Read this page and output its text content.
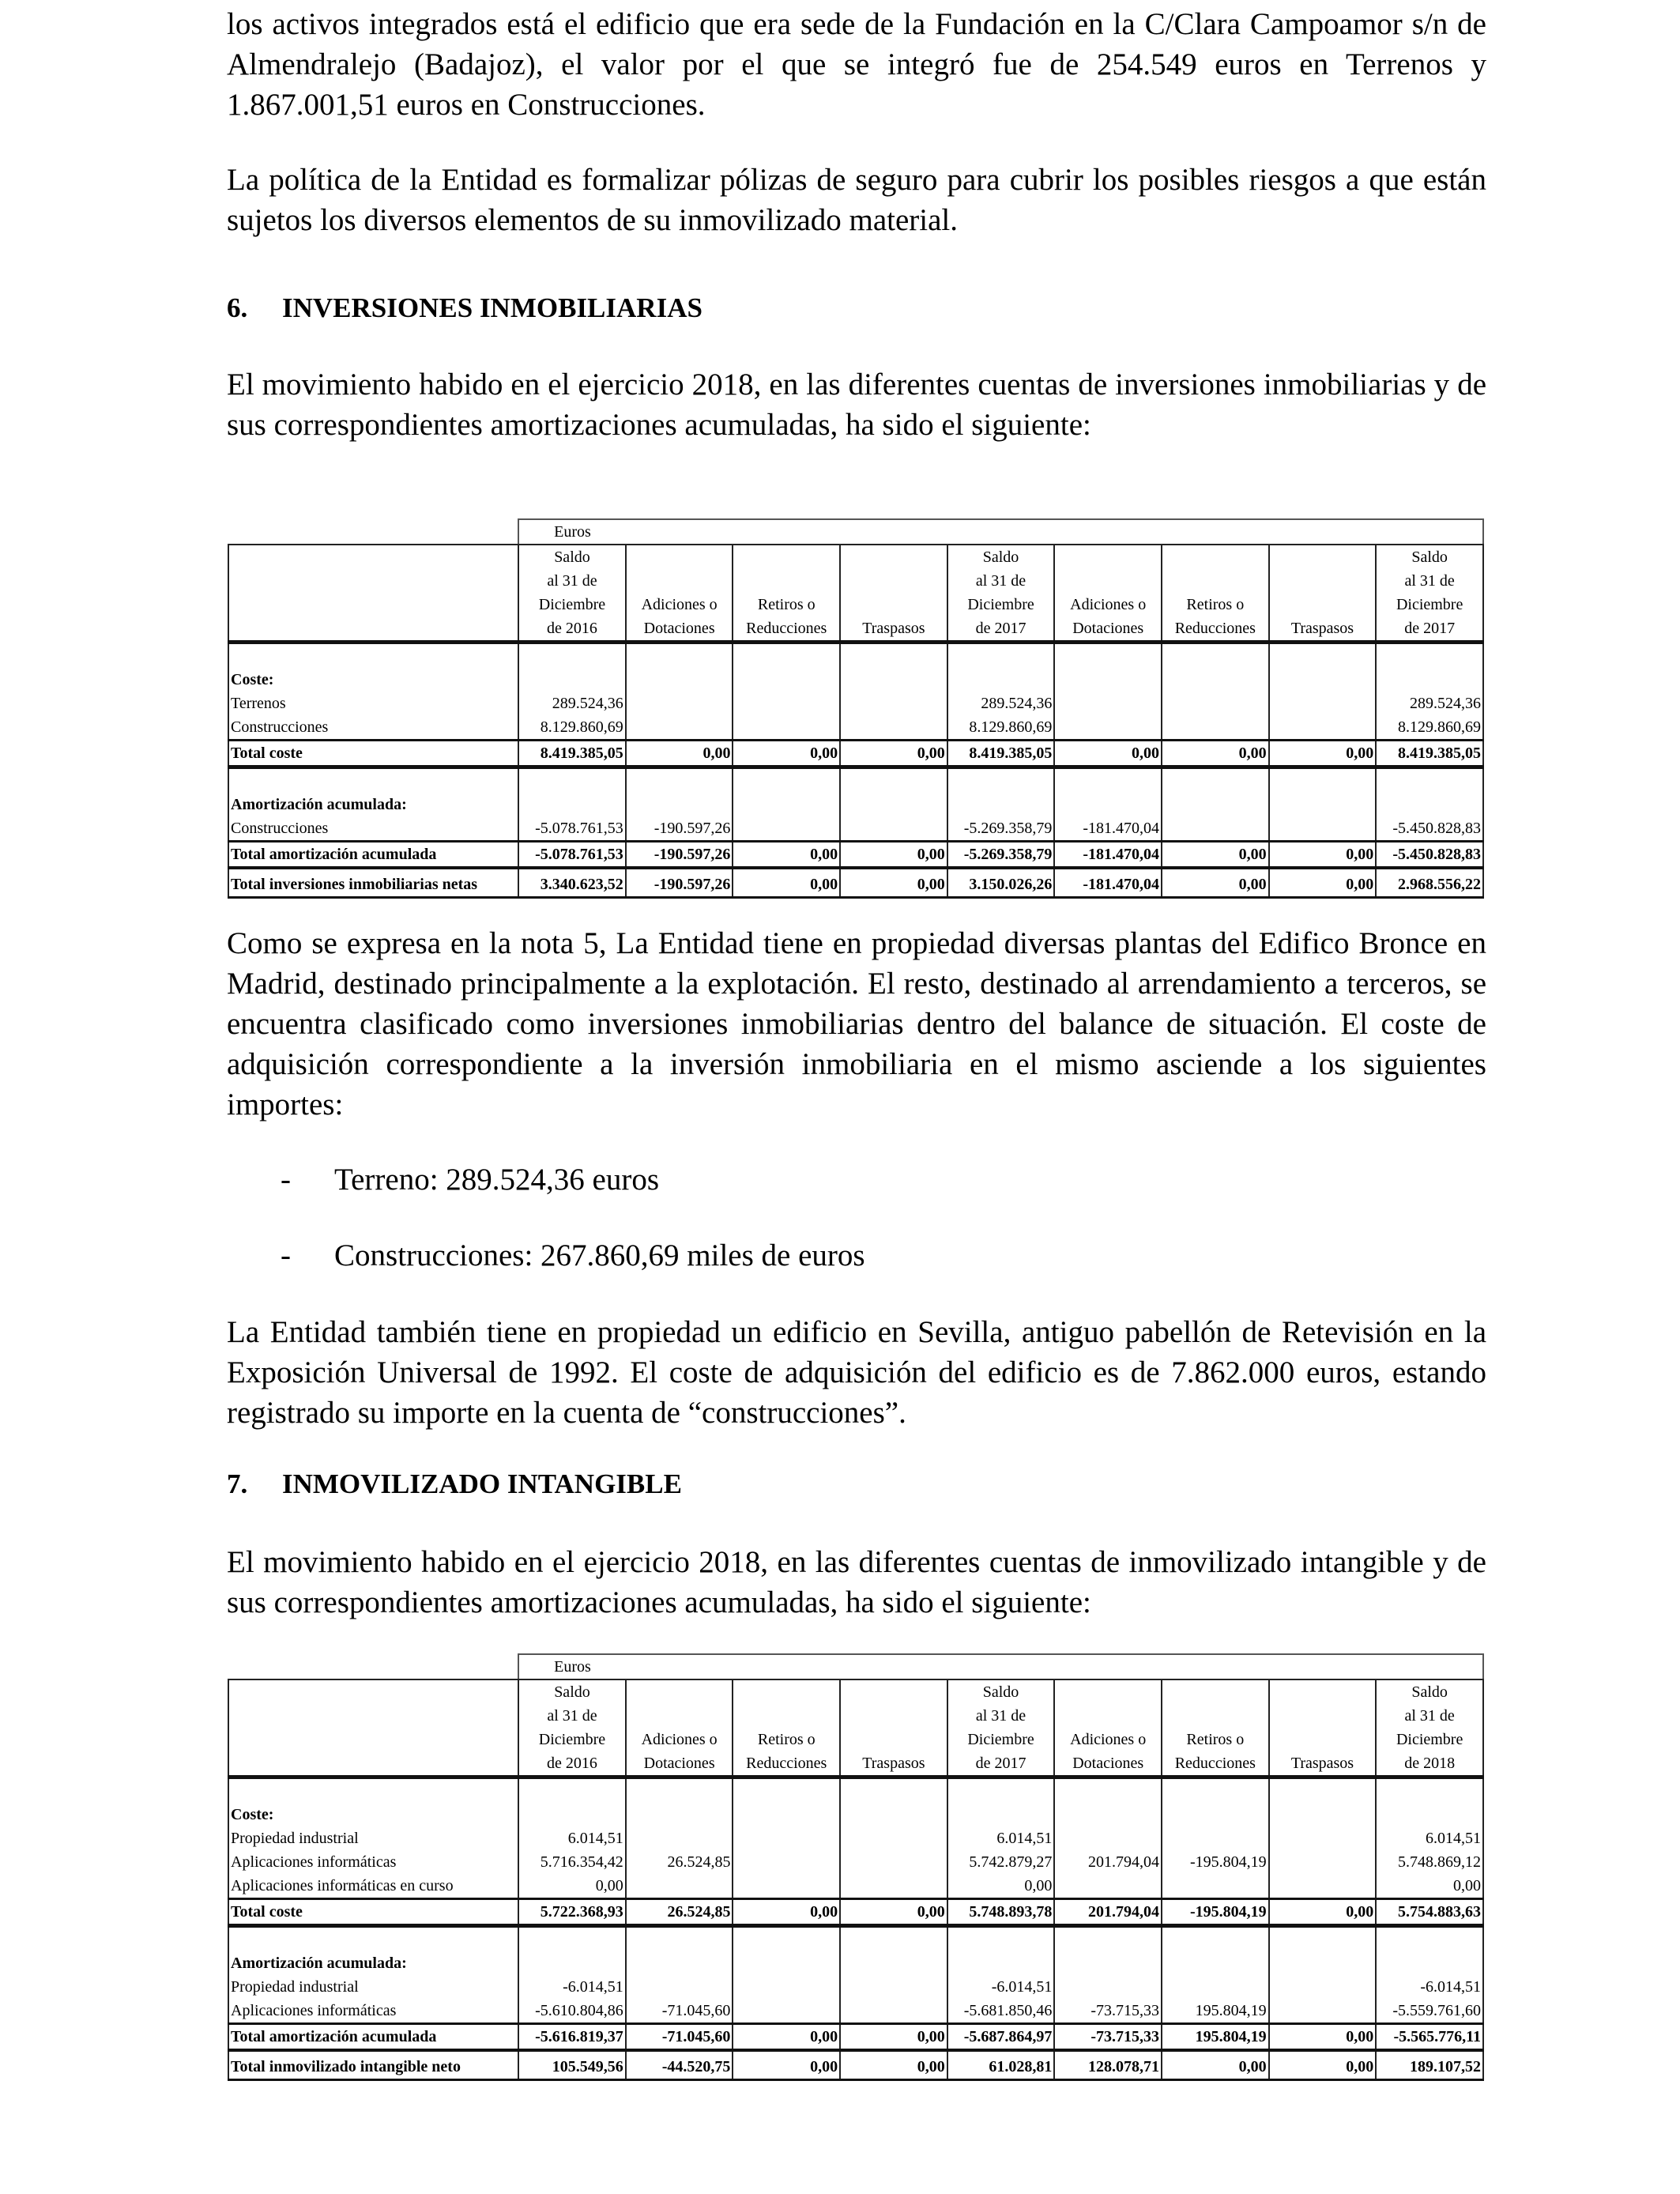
los activos integrados está el edificio que era sede de la Fundación en la C/Clara Campoamor s/n de Almendralejo (Badajoz), el valor por el que se integró fue de 254.549 euros en Terrenos y 1.867.001,51 euros en Construcciones.

La política de la Entidad es formalizar pólizas de seguro para cubrir los posibles riesgos a que están sujetos los diversos elementos de su inmovilizado material.

6. INVERSIONES INMOBILIARIAS

El movimiento habido en el ejercicio 2018, en las diferentes cuentas de inversiones inmobiliarias y de sus correspondientes amortizaciones acumuladas, ha sido el siguiente:

	Euros								
	Saldo
al 31 de
Diciembre
de 2016	Adiciones o
Dotaciones	Retiros o
Reducciones	Traspasos	Saldo
al 31 de
Diciembre
de 2017	Adiciones o
Dotaciones	Retiros o
Reducciones	Traspasos	Saldo
al 31 de
Diciembre
de 2017

Coste:									
Terrenos	289.524,36				289.524,36				289.524,36
Construcciones	8.129.860,69				8.129.860,69				8.129.860,69
Total coste	8.419.385,05	0,00	0,00	0,00	8.419.385,05	0,00	0,00	0,00	8.419.385,05

Amortización acumulada:									
Construcciones	-5.078.761,53	-190.597,26			-5.269.358,79	-181.470,04			-5.450.828,83
Total amortización acumulada	-5.078.761,53	-190.597,26	0,00	0,00	-5.269.358,79	-181.470,04	0,00	0,00	-5.450.828,83
Total inversiones inmobiliarias netas	3.340.623,52	-190.597,26	0,00	0,00	3.150.026,26	-181.470,04	0,00	0,00	2.968.556,22

Como se expresa en la nota 5, La Entidad tiene en propiedad diversas plantas del Edifico Bronce en Madrid, destinado principalmente a la explotación. El resto, destinado al arrendamiento a terceros, se encuentra clasificado como inversiones inmobiliarias dentro del balance de situación. El coste de adquisición correspondiente a la inversión inmobiliaria en el mismo asciende a los siguientes importes:

- Terreno: 289.524,36 euros
- Construcciones: 267.860,69 miles de euros

La Entidad también tiene en propiedad un edificio en Sevilla, antiguo pabellón de Retevisión en la Exposición Universal de 1992. El coste de adquisición del edificio es de 7.862.000 euros, estando registrado su importe en la cuenta de “construcciones”.

7. INMOVILIZADO INTANGIBLE

El movimiento habido en el ejercicio 2018, en las diferentes cuentas de inmovilizado intangible y de sus correspondientes amortizaciones acumuladas, ha sido el siguiente:

	Euros								
	Saldo
al 31 de
Diciembre
de 2016	Adiciones o
Dotaciones	Retiros o
Reducciones	Traspasos	Saldo
al 31 de
Diciembre
de 2017	Adiciones o
Dotaciones	Retiros o
Reducciones	Traspasos	Saldo
al 31 de
Diciembre
de 2018

Coste:									
Propiedad industrial	6.014,51				6.014,51				6.014,51
Aplicaciones informáticas	5.716.354,42	26.524,85			5.742.879,27	201.794,04	-195.804,19		5.748.869,12
Aplicaciones informáticas en curso	0,00				0,00				0,00
Total coste	5.722.368,93	26.524,85	0,00	0,00	5.748.893,78	201.794,04	-195.804,19	0,00	5.754.883,63

Amortización acumulada:									
Propiedad industrial	-6.014,51				-6.014,51				-6.014,51
Aplicaciones informáticas	-5.610.804,86	-71.045,60			-5.681.850,46	-73.715,33	195.804,19		-5.559.761,60
Total amortización acumulada	-5.616.819,37	-71.045,60	0,00	0,00	-5.687.864,97	-73.715,33	195.804,19	0,00	-5.565.776,11
Total inmovilizado intangible neto	105.549,56	-44.520,75	0,00	0,00	61.028,81	128.078,71	0,00	0,00	189.107,52
